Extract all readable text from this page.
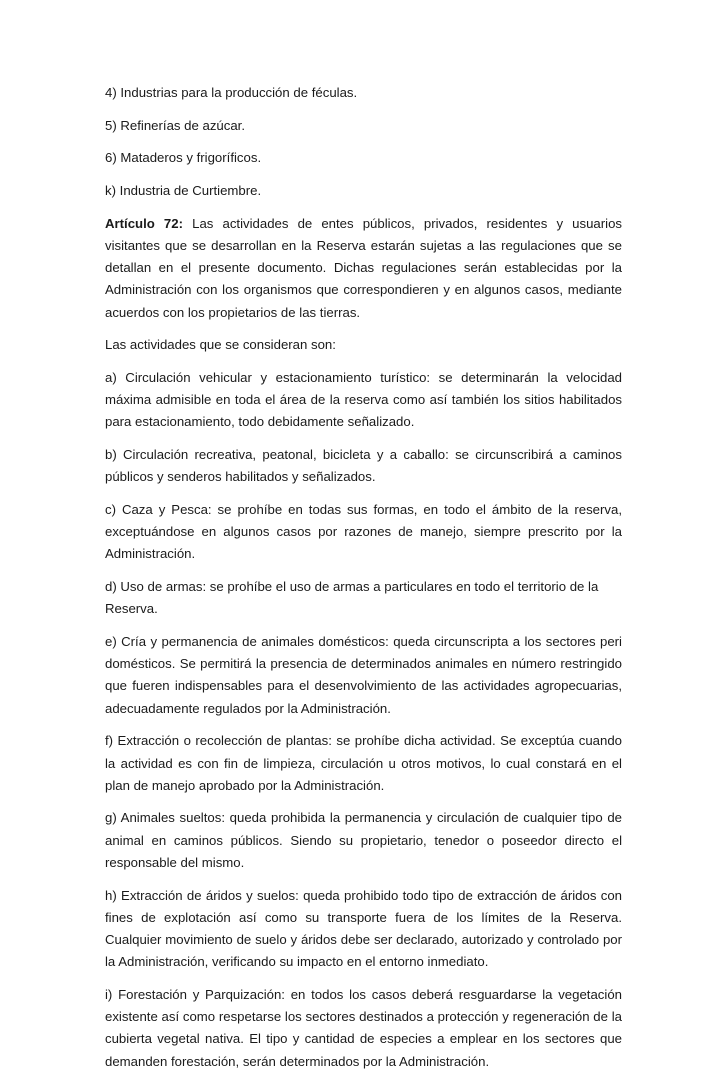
4) Industrias para la producción de féculas.

5) Refinerías de azúcar.

6) Mataderos y frigoríficos.

k) Industria de Curtiembre.

Artículo 72: Las actividades de entes públicos, privados, residentes y usuarios visitantes que se desarrollan en la Reserva estarán sujetas a las regulaciones que se detallan en el presente documento. Dichas regulaciones serán establecidas por la Administración con los organismos que correspondieren y en algunos casos, mediante acuerdos con los propietarios de las tierras.

Las actividades que se consideran son:

a) Circulación vehicular y estacionamiento turístico: se determinarán la velocidad máxima admisible en toda el área de la reserva como así también los sitios habilitados para estacionamiento, todo debidamente señalizado.

b) Circulación recreativa, peatonal, bicicleta y a caballo: se circunscribirá a caminos públicos y senderos habilitados y señalizados.

c) Caza y Pesca: se prohíbe en todas sus formas, en todo el ámbito de la reserva, exceptuándose en algunos casos por razones de manejo, siempre prescrito por la Administración.

d) Uso de armas: se prohíbe el uso de armas a particulares en todo el territorio de la Reserva.

e) Cría y permanencia de animales domésticos: queda circunscripta a los sectores peri domésticos. Se permitirá la presencia de determinados animales en número restringido que fueren indispensables para el desenvolvimiento de las actividades agropecuarias, adecuadamente regulados por la Administración.

f) Extracción o recolección de plantas: se prohíbe dicha actividad. Se exceptúa cuando la actividad es con fin de limpieza, circulación u otros motivos, lo cual constará en el plan de manejo aprobado por la Administración.

g) Animales sueltos: queda prohibida la permanencia y circulación de cualquier tipo de animal en caminos públicos. Siendo su propietario, tenedor o poseedor directo el responsable del mismo.

h) Extracción de áridos y suelos: queda prohibido todo tipo de extracción de áridos con fines de explotación así como su transporte fuera de los límites de la Reserva. Cualquier movimiento de suelo y áridos debe ser declarado, autorizado y controlado por la Administración, verificando su impacto en el entorno inmediato.

i) Forestación y Parquización: en todos los casos deberá resguardarse la vegetación existente así como respetarse los sectores destinados a protección y regeneración de la cubierta vegetal nativa. El tipo y cantidad de especies a emplear en los sectores que demanden forestación, serán determinados por la Administración.
